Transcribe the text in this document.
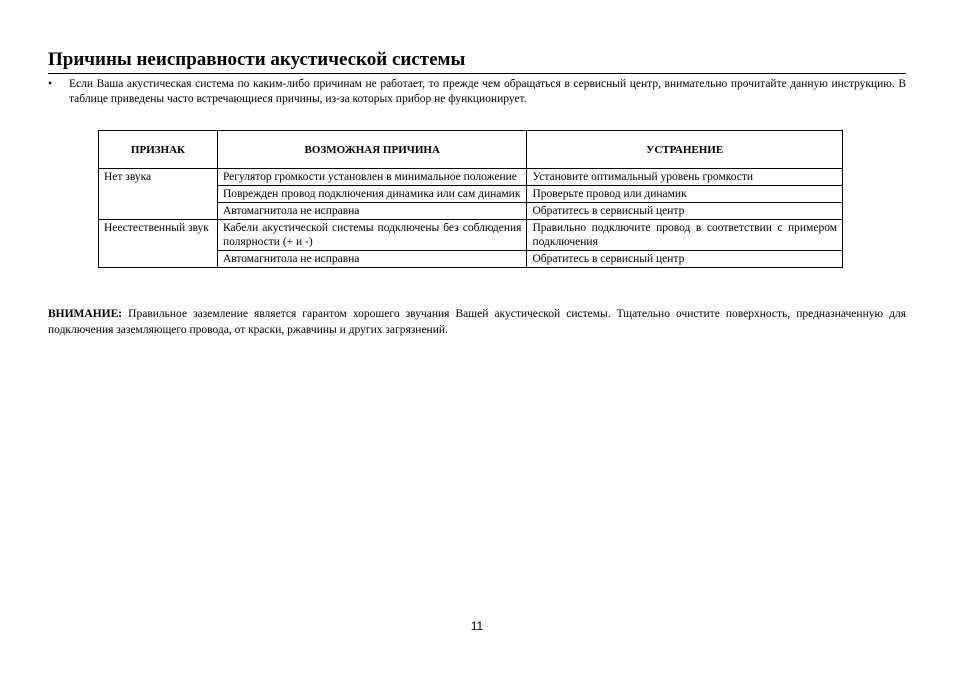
Причины неисправности акустической системы
• Если Ваша акустическая система по каким-либо причинам не работает, то прежде чем обращаться в сервисный центр, внимательно прочитайте данную инструкцию. В таблице приведены часто встречающиеся причины, из-за которых прибор не функционирует.
ПРИЗНАК	ВОЗМОЖНАЯ ПРИЧИНА	УСТРАНЕНИЕ
Нет звука	Регулятор громкости установлен в минимальное положение	Установите оптимальный уровень громкости
	Поврежден провод подключения динамика или сам динамик	Проверьте провод или динамик
	Автомагнитола не исправна	Обратитесь в сервисный центр
Неестественный звук	Кабели акустической системы подключены без соблюдения полярности (+ и -)	Правильно подключите провод в соответствии с примером подключения
	Автомагнитола не исправна	Обратитесь в сервисный центр
ВНИМАНИЕ: Правильное заземление является гарантом хорошего звучания Вашей акустической системы. Тщательно очистите поверхность, предназначенную для подключения заземляющего провода, от краски, ржавчины и других загрязнений.
11
